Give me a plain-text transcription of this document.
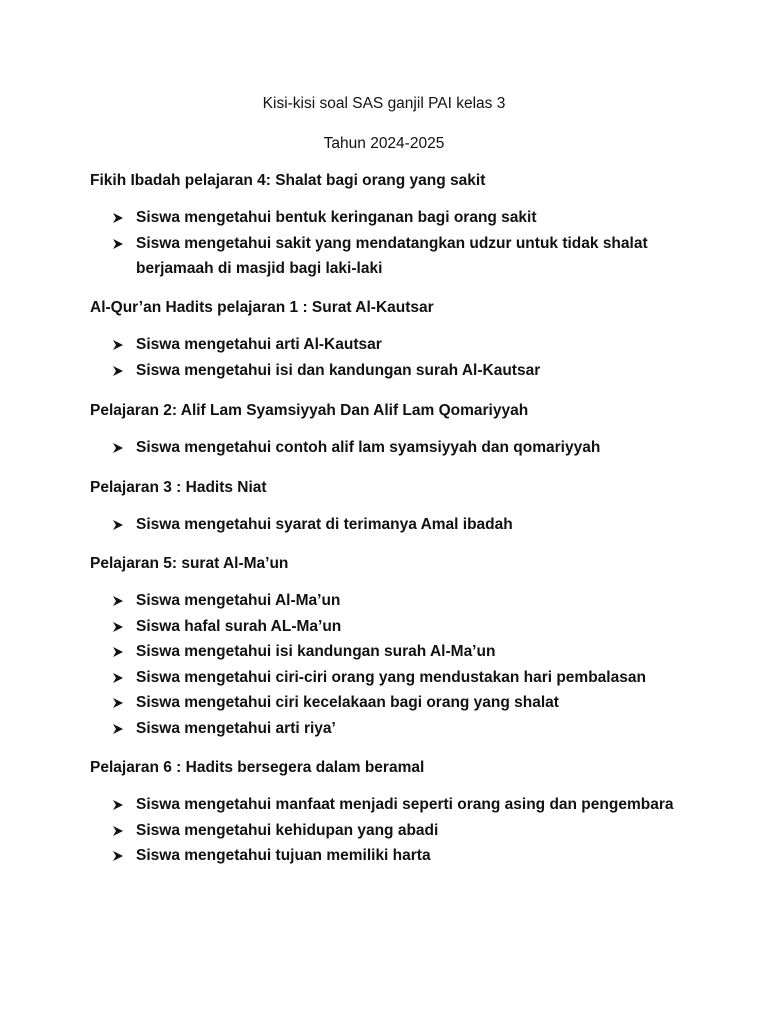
Kisi-kisi soal SAS ganjil PAI kelas 3

Tahun 2024-2025

Fikih Ibadah pelajaran 4: Shalat bagi orang yang sakit

Siswa mengetahui bentuk keringanan bagi orang sakit
Siswa mengetahui sakit yang mendatangkan udzur untuk tidak shalat berjamaah di masjid bagi laki-laki

Al-Qur’an Hadits pelajaran 1 : Surat Al-Kautsar

Siswa mengetahui arti Al-Kautsar
Siswa mengetahui isi dan kandungan surah Al-Kautsar

Pelajaran 2: Alif Lam Syamsiyyah Dan Alif Lam Qomariyyah

Siswa mengetahui contoh alif lam syamsiyyah dan qomariyyah

Pelajaran 3 : Hadits Niat

Siswa mengetahui syarat di terimanya Amal ibadah

Pelajaran 5: surat Al-Ma’un

Siswa mengetahui Al-Ma’un
Siswa hafal surah AL-Ma’un
Siswa mengetahui isi kandungan surah Al-Ma’un
Siswa mengetahui ciri-ciri orang yang mendustakan hari pembalasan
Siswa mengetahui ciri kecelakaan bagi orang yang shalat
Siswa mengetahui arti riya’

Pelajaran 6 : Hadits bersegera dalam beramal

Siswa mengetahui manfaat menjadi seperti orang asing dan pengembara
Siswa mengetahui kehidupan yang abadi
Siswa mengetahui tujuan memiliki harta
